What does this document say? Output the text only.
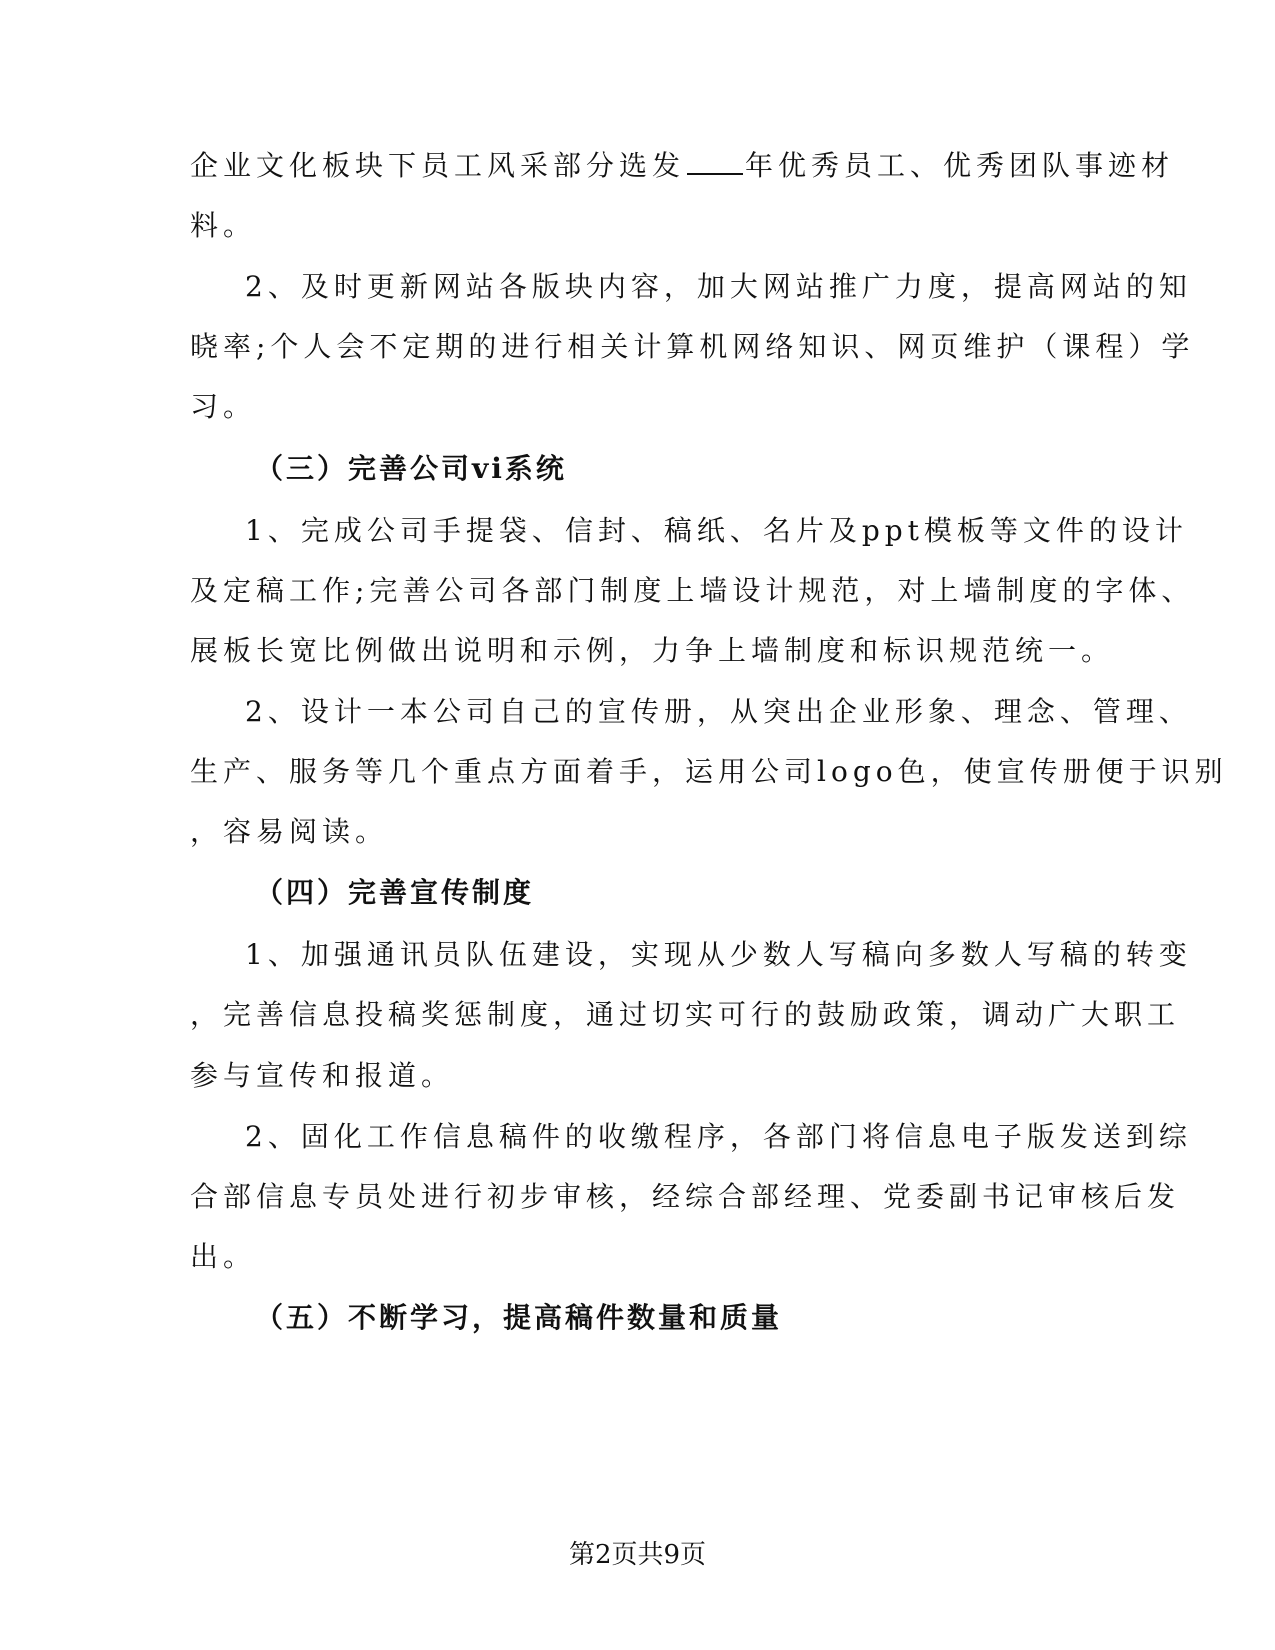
企业文化板块下员工风采部分选发 年优秀员工、优秀团队事迹材

料。

2、及时更新网站各版块内容，加大网站推广力度，提高网站的知

晓率;个人会不定期的进行相关计算机网络知识、网页维护（课程）学

习。

（三）完善公司vi系统

1、完成公司手提袋、信封、稿纸、名片及ppt模板等文件的设计

及定稿工作;完善公司各部门制度上墙设计规范，对上墙制度的字体、

展板长宽比例做出说明和示例，力争上墙制度和标识规范统一。

2、设计一本公司自己的宣传册，从突出企业形象、理念、管理、

生产、服务等几个重点方面着手，运用公司logo色，使宣传册便于识别

，容易阅读。

（四）完善宣传制度

1、加强通讯员队伍建设，实现从少数人写稿向多数人写稿的转变

，完善信息投稿奖惩制度，通过切实可行的鼓励政策，调动广大职工

参与宣传和报道。

2、固化工作信息稿件的收缴程序，各部门将信息电子版发送到综

合部信息专员处进行初步审核，经综合部经理、党委副书记审核后发

出。

（五）不断学习，提高稿件数量和质量

第2页共9页
